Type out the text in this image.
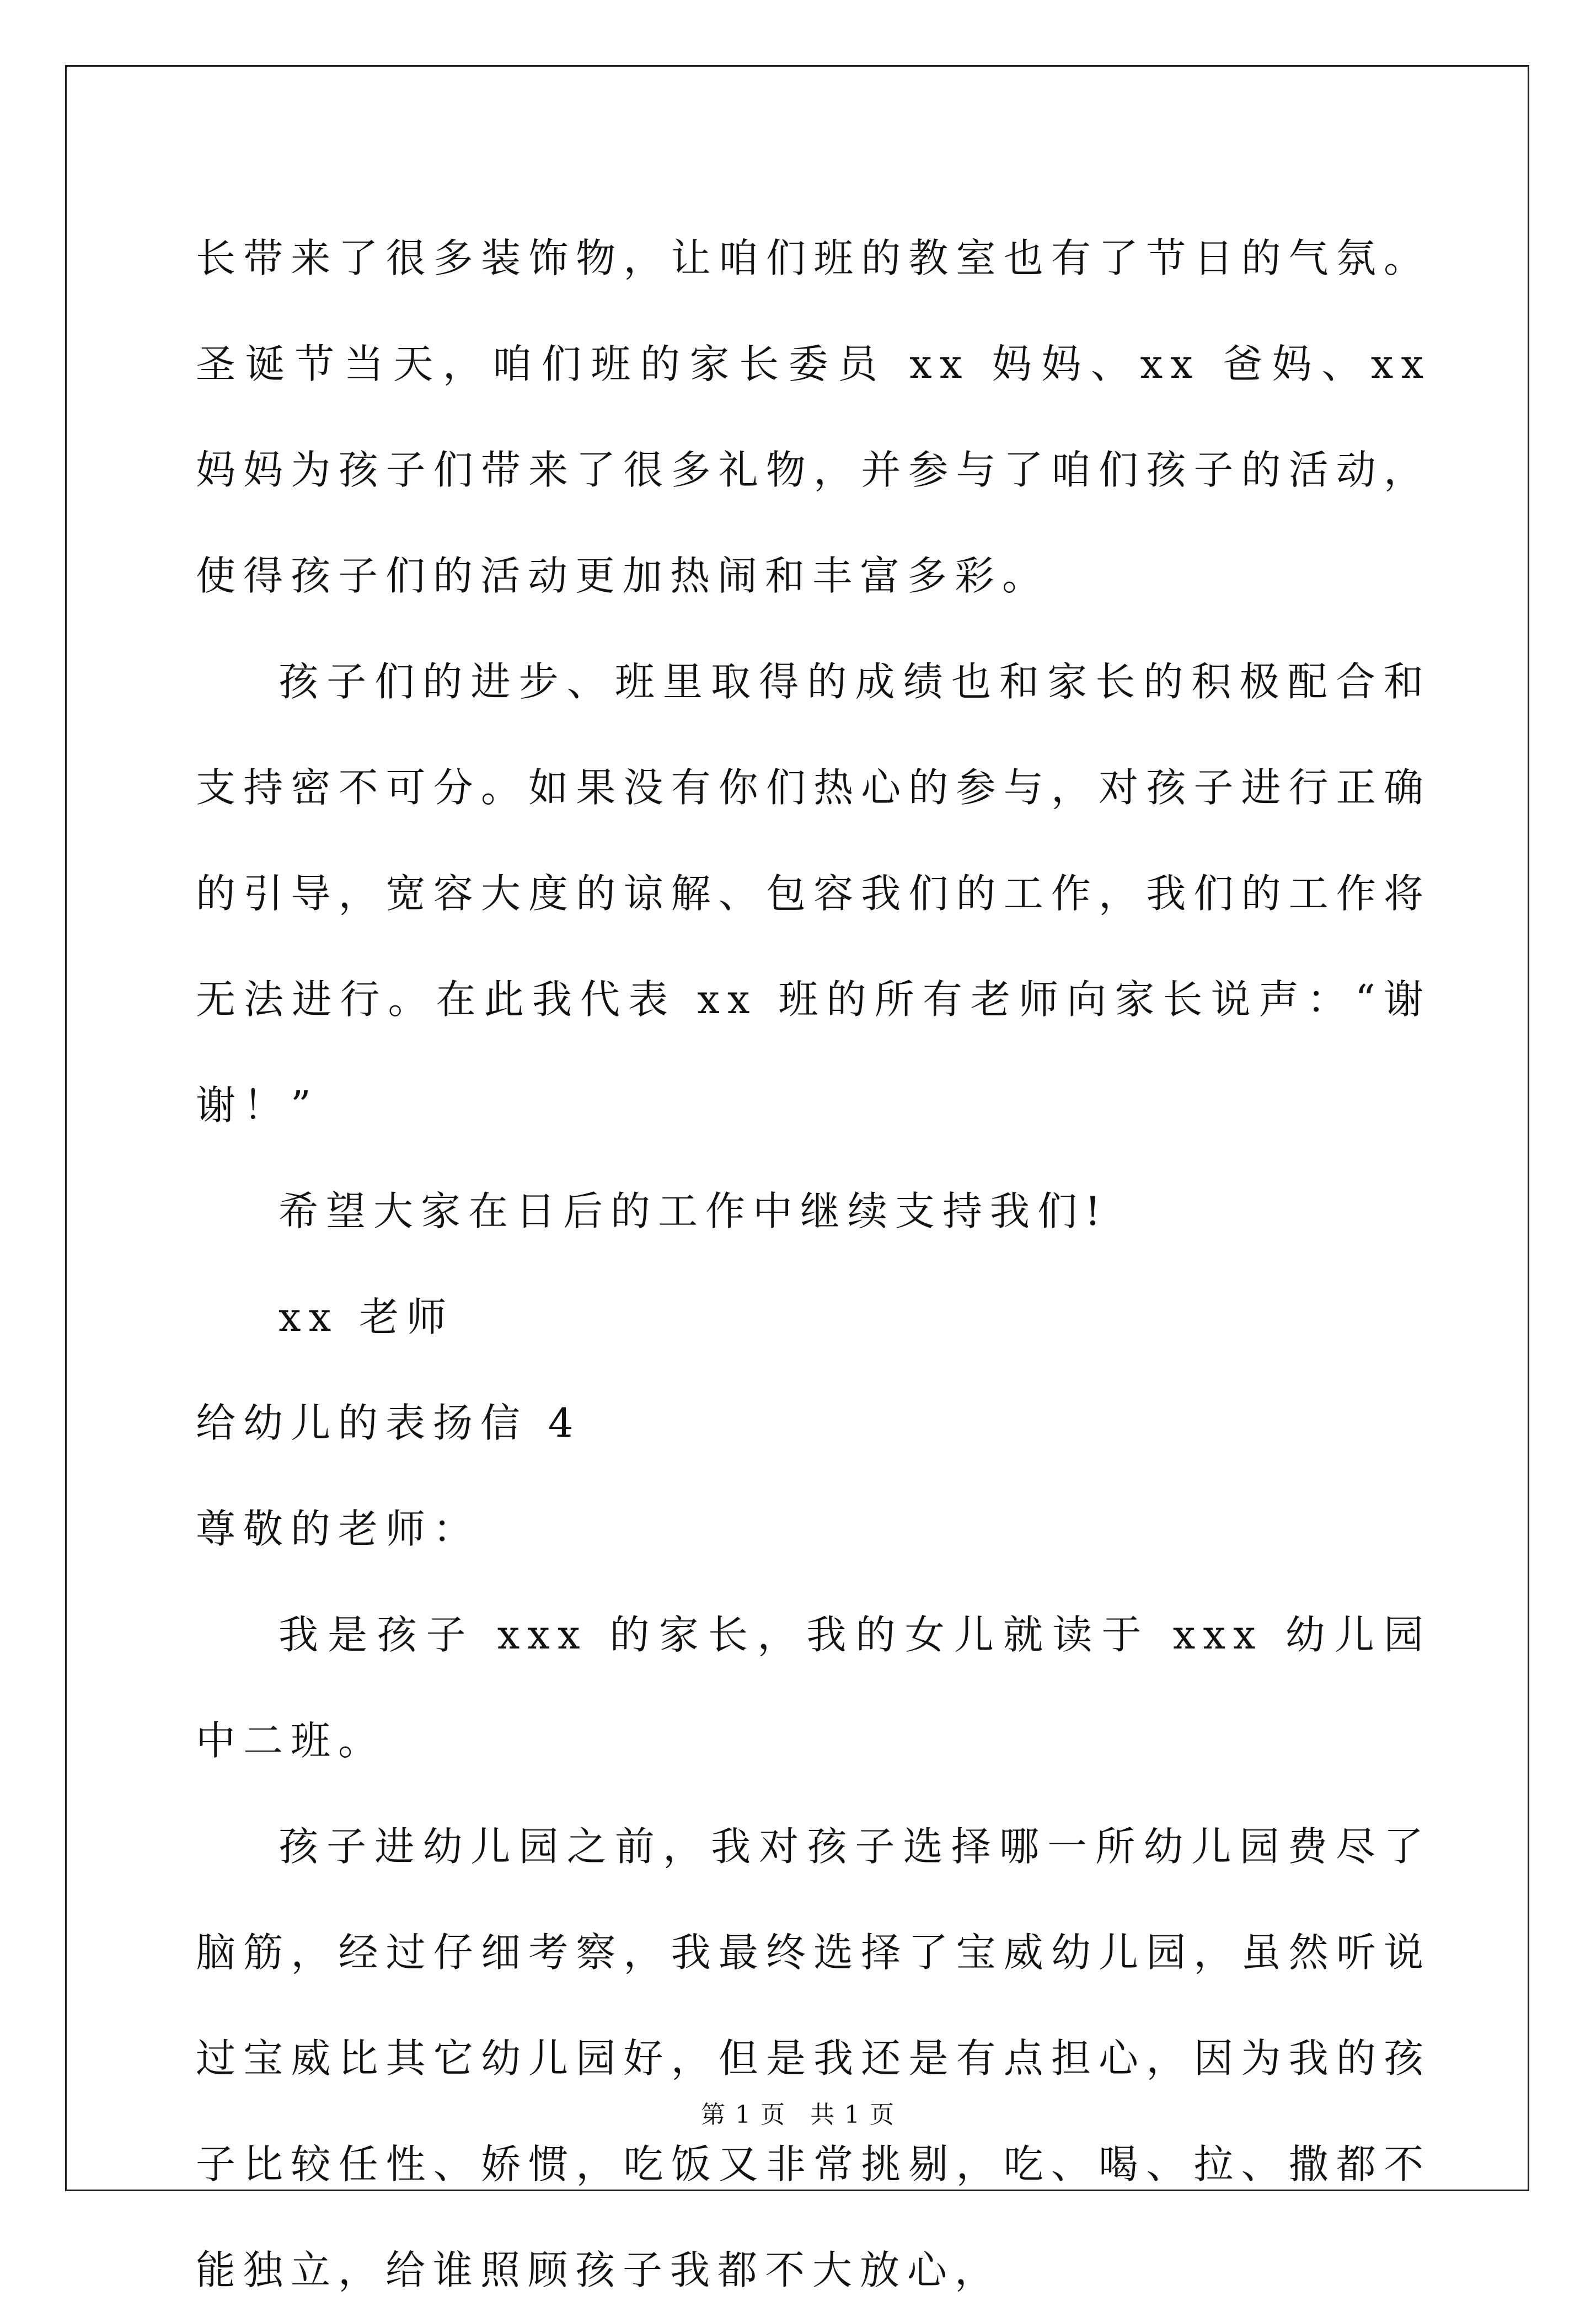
长带来了很多装饰物，让咱们班的教室也有了节日的气氛。圣诞节当天，咱们班的家长委员 xx 妈妈、xx 爸妈、xx 妈妈为孩子们带来了很多礼物，并参与了咱们孩子的活动，使得孩子们的活动更加热闹和丰富多彩。

孩子们的进步、班里取得的成绩也和家长的积极配合和支持密不可分。如果没有你们热心的参与，对孩子进行正确的引导，宽容大度的谅解、包容我们的工作，我们的工作将无法进行。在此我代表 xx 班的所有老师向家长说声：“谢谢！”

希望大家在日后的工作中继续支持我们!

xx 老师

给幼儿的表扬信 4

尊敬的老师：

我是孩子 xxx 的家长，我的女儿就读于 xxx 幼儿园中二班。

孩子进幼儿园之前，我对孩子选择哪一所幼儿园费尽了脑筋，经过仔细考察，我最终选择了宝威幼儿园，虽然听说过宝威比其它幼儿园好，但是我还是有点担心，因为我的孩子比较任性、娇惯，吃饭又非常挑剔，吃、喝、拉、撒都不能独立，给谁照顾孩子我都不大放心，

第 1 页 共 1 页
